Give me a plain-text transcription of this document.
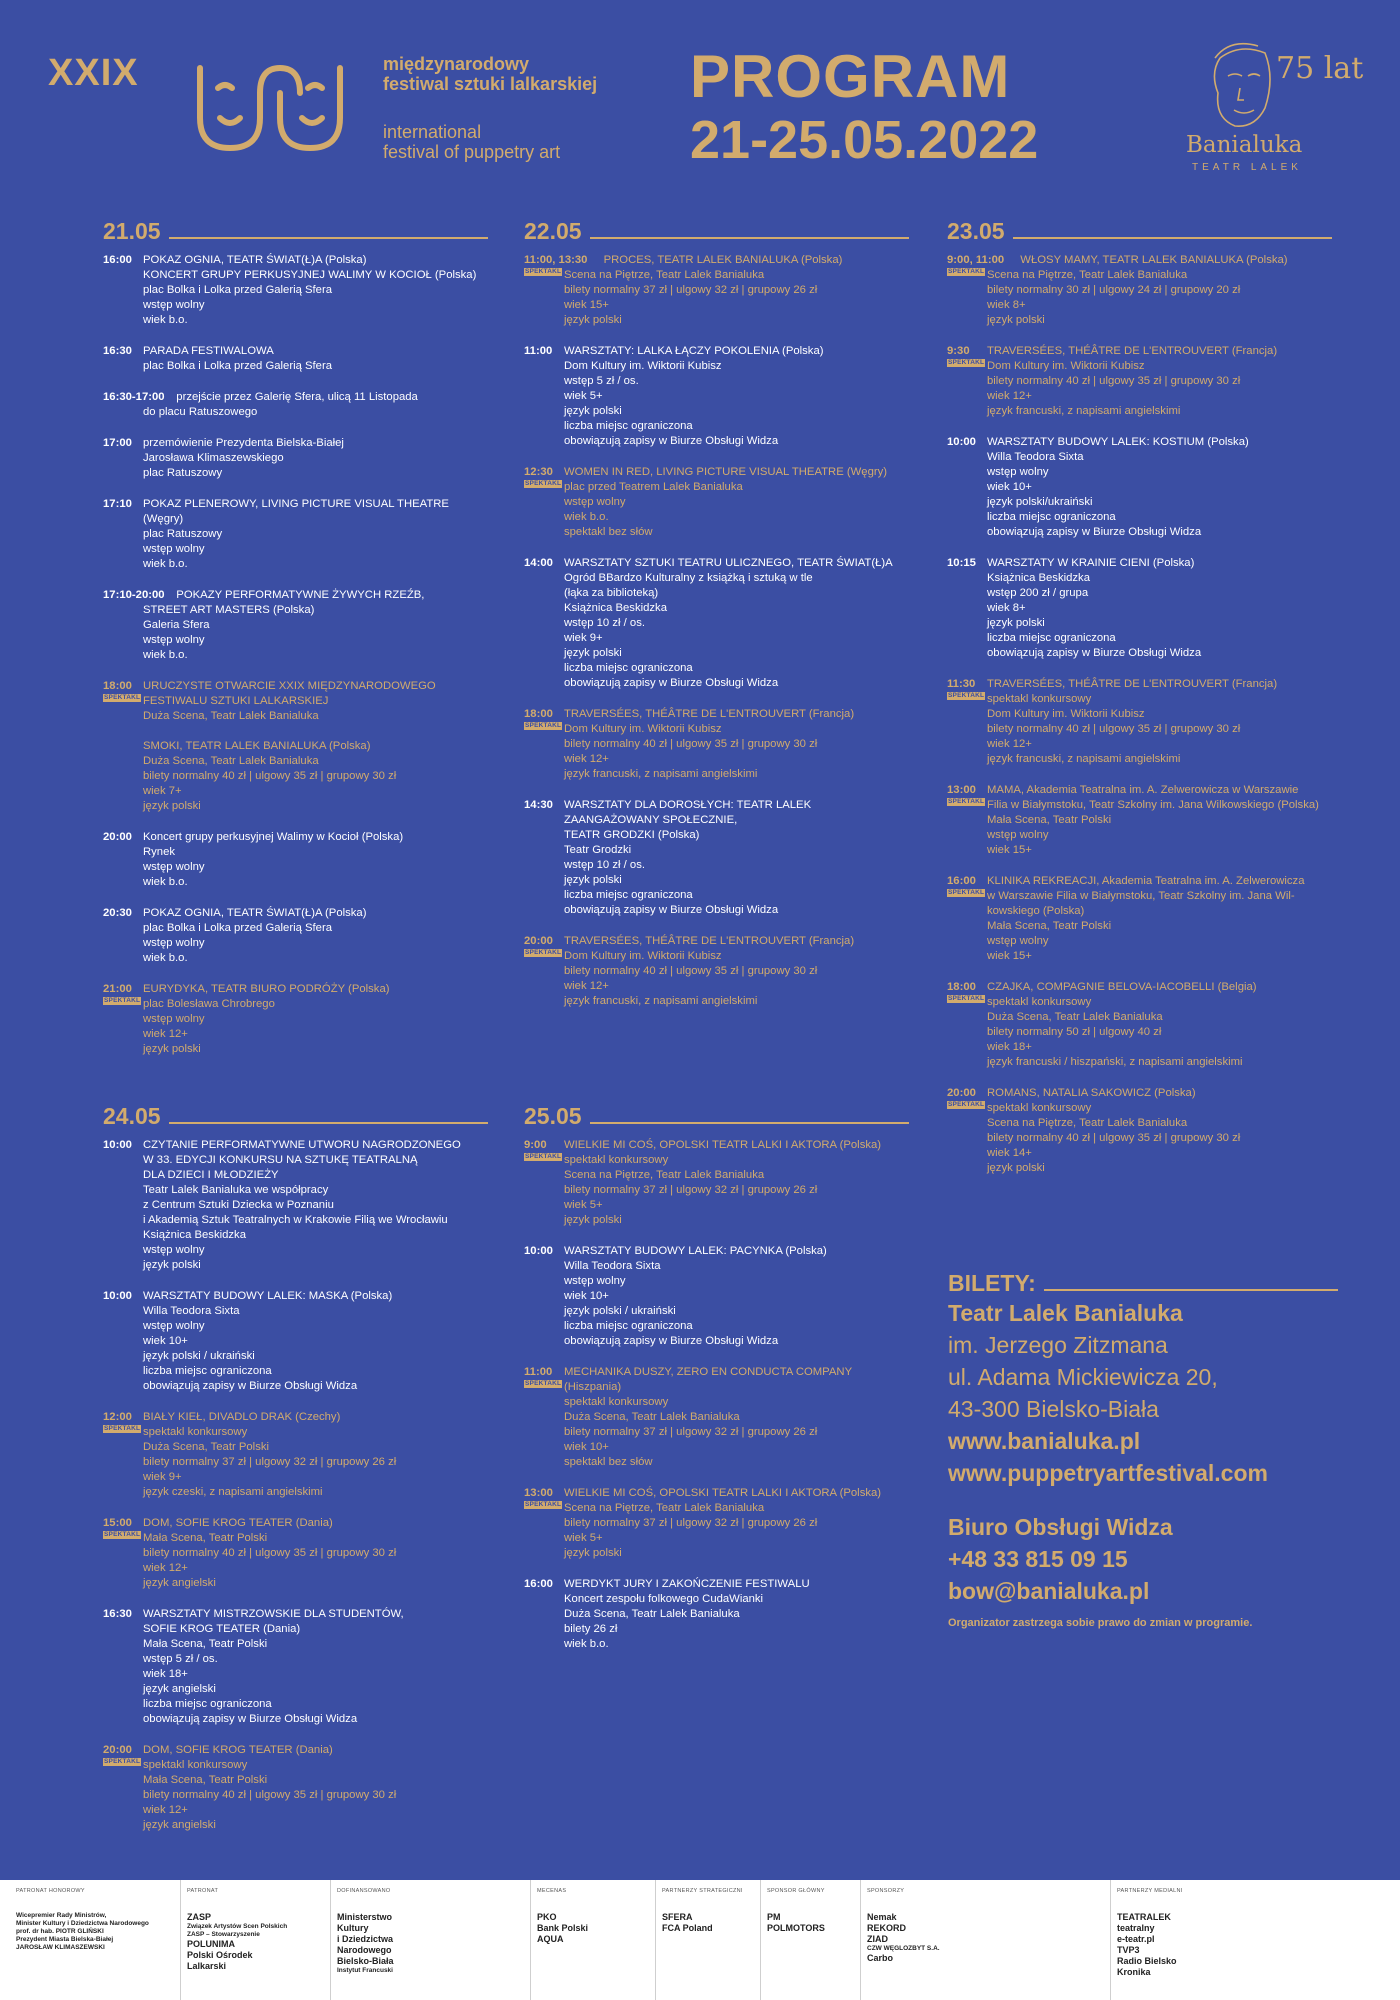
XXIX	międzynarodowy
festiwal sztuki lalkarskiej
international
festival of puppetry art
PROGRAM
21-25.05.2022
75 lat
Banialuka
TEATR LALEK
21.05
16:00 POKAZ OGNIA, TEATR ŚWIAT(Ł)A (Polska)
KONCERT GRUPY PERKUSYJNEJ WALIMY W KOCIOŁ (Polska)
plac Bolka i Lolka przed Galerią Sfera
wstęp wolny
wiek b.o.
16:30 PARADA FESTIWALOWA
plac Bolka i Lolka przed Galerią Sfera
16:30-17:00	przejście przez Galerię Sfera, ulicą 11 Listopada
do placu Ratuszowego
17:00 przemówienie Prezydenta Bielska-Białej
Jarosława Klimaszewskiego
plac Ratuszowy
17:10 POKAZ PLENEROWY, LIVING PICTURE VISUAL THEATRE (Węgry)
plac Ratuszowy
wstęp wolny
wiek b.o.
17:10-20:00	POKAZY PERFORMATYWNE ŻYWYCH RZEŹB,
STREET ART MASTERS (Polska)
Galeria Sfera
wstęp wolny
wiek b.o.
18:00
SPEKTAKL
URUCZYSTE OTWARCIE XXIX MIĘDZYNARODOWEGO
FESTIWALU SZTUKI LALKARSKIEJ
Duża Scena, Teatr Lalek Banialuka

SMOKI, TEATR LALEK BANIALUKA (Polska)
Duża Scena, Teatr Lalek Banialuka
bilety normalny 40 zł | ulgowy 35 zł | grupowy 30 zł
wiek 7+
język polski
20:00 Koncert grupy perkusyjnej Walimy w Kocioł (Polska)
Rynek
wstęp wolny
wiek b.o.
20:30 POKAZ OGNIA, TEATR ŚWIAT(Ł)A (Polska)
plac Bolka i Lolka przed Galerią Sfera
wstęp wolny
wiek b.o.
21:00
SPEKTAKL
EURYDYKA, TEATR BIURO PODRÓŻY (Polska)
plac Bolesława Chrobrego
wstęp wolny
wiek 12+
język polski
22.05
11:00, 13:30
SPEKTAKL
PROCES, TEATR LALEK BANIALUKA (Polska)
Scena na Piętrze, Teatr Lalek Banialuka
bilety normalny 37 zł | ulgowy 32 zł | grupowy 26 zł
wiek 15+
język polski
11:00 WARSZTATY: LALKA ŁĄCZY POKOLENIA (Polska)
Dom Kultury im. Wiktorii Kubisz
wstęp 5 zł / os.
wiek 5+
język polski
liczba miejsc ograniczona
obowiązują zapisy w Biurze Obsługi Widza
12:30
SPEKTAKL
WOMEN IN RED, LIVING PICTURE VISUAL THEATRE (Węgry)
plac przed Teatrem Lalek Banialuka
wstęp wolny
wiek b.o.
spektakl bez słów
14:00 WARSZTATY SZTUKI TEATRU ULICZNEGO, TEATR ŚWIAT(Ł)A
Ogród BBardzo Kulturalny z książką i sztuką w tle
(łąka za biblioteką)
Książnica Beskidzka
wstęp 10 zł / os.
wiek 9+
język polski
liczba miejsc ograniczona
obowiązują zapisy w Biurze Obsługi Widza
18:00
SPEKTAKL
TRAVERSÉES, THÉÂTRE DE L'ENTROUVERT (Francja)
Dom Kultury im. Wiktorii Kubisz
bilety normalny 40 zł | ulgowy 35 zł | grupowy 30 zł
wiek 12+
język francuski, z napisami angielskimi
14:30 WARSZTATY DLA DOROSŁYCH: TEATR LALEK
ZAANGAŻOWANY SPOŁECZNIE,
TEATR GRODZKI (Polska)
Teatr Grodzki
wstęp 10 zł / os.
język polski
liczba miejsc ograniczona
obowiązują zapisy w Biurze Obsługi Widza
20:00
SPEKTAKL
TRAVERSÉES, THÉÂTRE DE L'ENTROUVERT (Francja)
Dom Kultury im. Wiktorii Kubisz
bilety normalny 40 zł | ulgowy 35 zł | grupowy 30 zł
wiek 12+
język francuski, z napisami angielskimi
23.05
9:00, 11:00
SPEKTAKL
WŁOSY MAMY, TEATR LALEK BANIALUKA (Polska)
Scena na Piętrze, Teatr Lalek Banialuka
bilety normalny 30 zł | ulgowy 24 zł | grupowy 20 zł
wiek 8+
język polski
9:30
SPEKTAKL
TRAVERSÉES, THÉÂTRE DE L'ENTROUVERT (Francja)
Dom Kultury im. Wiktorii Kubisz
bilety normalny 40 zł | ulgowy 35 zł | grupowy 30 zł
wiek 12+
język francuski, z napisami angielskimi
10:00 WARSZTATY BUDOWY LALEK: KOSTIUM (Polska)
Willa Teodora Sixta
wstęp wolny
wiek 10+
język polski/ukraiński
liczba miejsc ograniczona
obowiązują zapisy w Biurze Obsługi Widza
10:15 WARSZTATY W KRAINIE CIENI (Polska)
Książnica Beskidzka
wstęp 200 zł / grupa
wiek 8+
język polski
liczba miejsc ograniczona
obowiązują zapisy w Biurze Obsługi Widza
11:30
SPEKTAKL
TRAVERSÉES, THÉÂTRE DE L'ENTROUVERT (Francja)
spektakl konkursowy
Dom Kultury im. Wiktorii Kubisz
bilety normalny 40 zł | ulgowy 35 zł | grupowy 30 zł
wiek 12+
język francuski, z napisami angielskimi
13:00
SPEKTAKL
MAMA, Akademia Teatralna im. A. Zelwerowicza w Warszawie
Filia w Białymstoku, Teatr Szkolny im. Jana Wilkowskiego (Polska)
Mała Scena, Teatr Polski
wstęp wolny
wiek 15+
16:00
SPEKTAKL
KLINIKA REKREACJI, Akademia Teatralna im. A. Zelwerowicza
w Warszawie Filia w Białymstoku, Teatr Szkolny im. Jana Wil-
kowskiego (Polska)
Mała Scena, Teatr Polski
wstęp wolny
wiek 15+
18:00
SPEKTAKL
CZAJKA, COMPAGNIE BELOVA-IACOBELLI (Belgia)
spektakl konkursowy
Duża Scena, Teatr Lalek Banialuka
bilety normalny 50 zł | ulgowy 40 zł
wiek 18+
język francuski / hiszpański, z napisami angielskimi
20:00
SPEKTAKL
ROMANS, NATALIA SAKOWICZ (Polska)
spektakl konkursowy
Scena na Piętrze, Teatr Lalek Banialuka
bilety normalny 40 zł | ulgowy 35 zł | grupowy 30 zł
wiek 14+
język polski
24.05
10:00 CZYTANIE PERFORMATYWNE UTWORU NAGRODZONEGO
W 33. EDYCJI KONKURSU NA SZTUKĘ TEATRALNĄ
DLA DZIECI I MŁODZIEŻY
Teatr Lalek Banialuka we współpracy
z Centrum Sztuki Dziecka w Poznaniu
i Akademią Sztuk Teatralnych w Krakowie Filią we Wrocławiu
Książnica Beskidzka
wstęp wolny
język polski
10:00 WARSZTATY BUDOWY LALEK: MASKA (Polska)
Willa Teodora Sixta
wstęp wolny
wiek 10+
język polski / ukraiński
liczba miejsc ograniczona
obowiązują zapisy w Biurze Obsługi Widza
12:00
SPEKTAKL
BIAŁY KIEŁ, DIVADLO DRAK (Czechy)
spektakl konkursowy
Duża Scena, Teatr Polski
bilety normalny 37 zł | ulgowy 32 zł | grupowy 26 zł
wiek 9+
język czeski, z napisami angielskimi
15:00
SPEKTAKL
DOM, SOFIE KROG TEATER (Dania)
Mała Scena, Teatr Polski
bilety normalny 40 zł | ulgowy 35 zł | grupowy 30 zł
wiek 12+
język angielski
16:30 WARSZTATY MISTRZOWSKIE DLA STUDENTÓW,
SOFIE KROG TEATER (Dania)
Mała Scena, Teatr Polski
wstęp 5 zł / os.
wiek 18+
język angielski
liczba miejsc ograniczona
obowiązują zapisy w Biurze Obsługi Widza
20:00
SPEKTAKL
DOM, SOFIE KROG TEATER (Dania)
spektakl konkursowy
Mała Scena, Teatr Polski
bilety normalny 40 zł | ulgowy 35 zł | grupowy 30 zł
wiek 12+
język angielski
25.05
9:00
SPEKTAKL
WIELKIE MI COŚ, OPOLSKI TEATR LALKI I AKTORA (Polska)
spektakl konkursowy
Scena na Piętrze, Teatr Lalek Banialuka
bilety normalny 37 zł | ulgowy 32 zł | grupowy 26 zł
wiek 5+
język polski
10:00 WARSZTATY BUDOWY LALEK: PACYNKA (Polska)
Willa Teodora Sixta
wstęp wolny
wiek 10+
język polski / ukraiński
liczba miejsc ograniczona
obowiązują zapisy w Biurze Obsługi Widza
11:00
SPEKTAKL
MECHANIKA DUSZY, ZERO EN CONDUCTA COMPANY
(Hiszpania)
spektakl konkursowy
Duża Scena, Teatr Lalek Banialuka
bilety normalny 37 zł | ulgowy 32 zł | grupowy 26 zł
wiek 10+
spektakl bez słów
13:00
SPEKTAKL
WIELKIE MI COŚ, OPOLSKI TEATR LALKI I AKTORA (Polska)
Scena na Piętrze, Teatr Lalek Banialuka
bilety normalny 37 zł | ulgowy 32 zł | grupowy 26 zł
wiek 5+
język polski
16:00 WERDYKT JURY I ZAKOŃCZENIE FESTIWALU
Koncert zespołu folkowego CudaWianki
Duża Scena, Teatr Lalek Banialuka
bilety 26 zł
wiek b.o.
BILETY:
Teatr Lalek Banialuka
im. Jerzego Zitzmana
ul. Adama Mickiewicza 20,
43-300 Bielsko-Biała
www.banialuka.pl
www.puppetryartfestival.com
Biuro Obsługi Widza
+48 33 815 09 15
bow@banialuka.pl
Organizator zastrzega sobie prawo do zmian w programie.
PATRONAT HONOROWY
Wicepremier Rady Ministrów,
Minister Kultury i Dziedzictwa Narodowego
prof. dr hab. PIOTR GLIŃSKI
Prezydent Miasta Bielska-Białej
JAROSŁAW KLIMASZEWSKI
PATRONAT
ZASP
Związek Artystów Scen Polskich
ZASP – Stowarzyszenie
POLUNIMA
Polski Ośrodek
Lalkarski
DOFINANSOWANO
Ministerstwo
Kultury
i Dziedzictwa
Narodowego
Bielsko-Biała
Instytut Francuski
MECENAS
PKO
Bank Polski
AQUA
PARTNERZY STRATEGICZNI
SFERA
FCA Poland
SPONSOR GŁÓWNY
PM
POLMOTORS
SPONSORZY
Nemak
REKORD
ZIAD
CZW WĘGLOZBYT S.A.
Carbo
PARTNERZY MEDIALNI
TEATRALEK
teatralny
e-teatr.pl
TVP3
Radio Bielsko
Kronika
